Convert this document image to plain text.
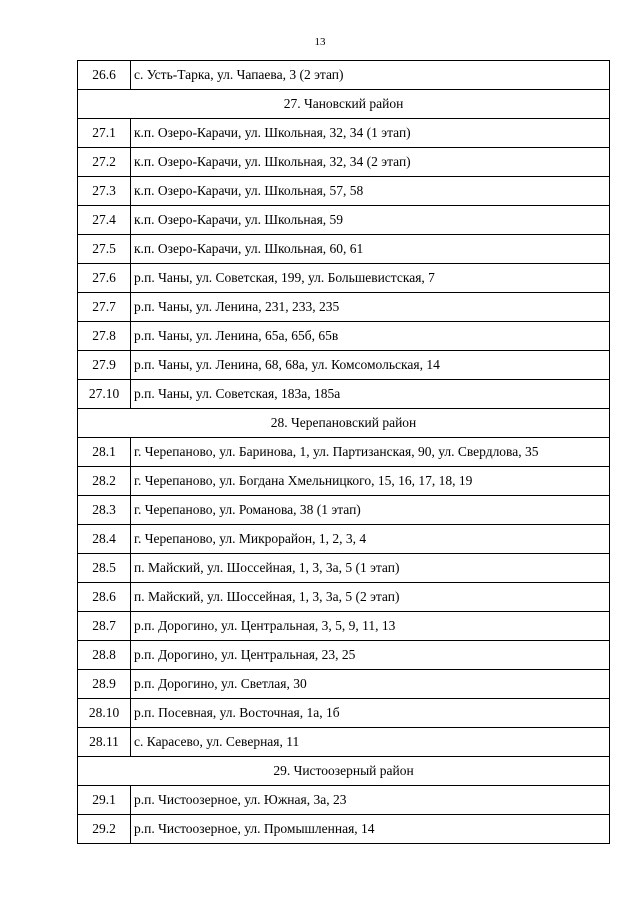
13
26.6	с. Усть-Тарка, ул. Чапаева, 3 (2 этап)
27. Чановский район	
27.1	к.п. Озеро-Карачи, ул. Школьная, 32, 34 (1 этап)
27.2	к.п. Озеро-Карачи, ул. Школьная, 32, 34 (2 этап)
27.3	к.п. Озеро-Карачи, ул. Школьная, 57, 58
27.4	к.п. Озеро-Карачи, ул. Школьная, 59
27.5	к.п. Озеро-Карачи, ул. Школьная, 60, 61
27.6	р.п. Чаны, ул. Советская, 199, ул. Большевистская, 7
27.7	р.п. Чаны, ул. Ленина, 231, 233, 235
27.8	р.п. Чаны, ул. Ленина, 65а, 65б, 65в
27.9	р.п. Чаны, ул. Ленина, 68, 68а, ул. Комсомольская, 14
27.10	р.п. Чаны, ул. Советская, 183а, 185а
28. Черепановский район	
28.1	г. Черепаново, ул. Баринова, 1, ул. Партизанская, 90, ул. Свердлова, 35
28.2	г. Черепаново, ул. Богдана Хмельницкого, 15, 16, 17, 18, 19
28.3	г. Черепаново, ул. Романова, 38 (1 этап)
28.4	г. Черепаново, ул. Микрорайон, 1, 2, 3, 4
28.5	п. Майский, ул. Шоссейная, 1, 3, 3а, 5 (1 этап)
28.6	п. Майский, ул. Шоссейная, 1, 3, 3а, 5 (2 этап)
28.7	р.п. Дорогино, ул. Центральная, 3, 5, 9, 11, 13
28.8	р.п. Дорогино, ул. Центральная, 23, 25
28.9	р.п. Дорогино, ул. Светлая, 30
28.10	р.п. Посевная, ул. Восточная, 1а, 1б
28.11	с. Карасево, ул. Северная, 11
29. Чистоозерный район	
29.1	р.п. Чистоозерное, ул. Южная, 3а, 23
29.2	р.п. Чистоозерное, ул. Промышленная, 14
